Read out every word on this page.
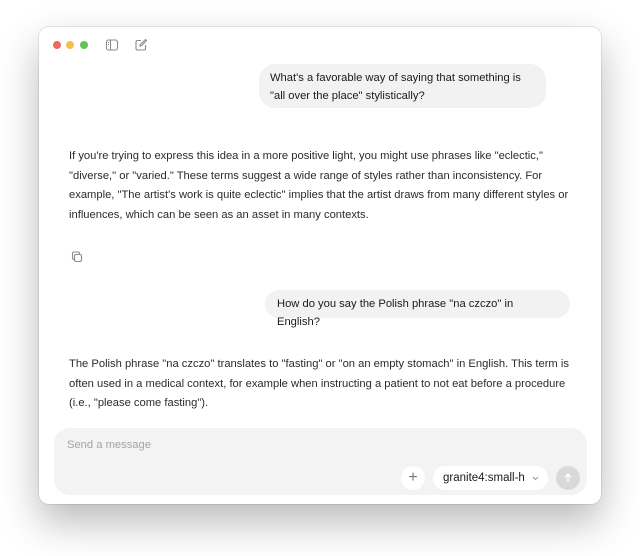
What's a favorable way of saying that something is "all over the place" stylistically?
If you're trying to express this idea in a more positive light, you might use phrases like "eclectic," "diverse," or "varied." These terms suggest a wide range of styles rather than inconsistency. For example, "The artist's work is quite eclectic" implies that the artist draws from many different styles or influences, which can be seen as an asset in many contexts.
How do you say the Polish phrase "na czczo" in English?
The Polish phrase "na czczo" translates to "fasting" or "on an empty stomach" in English. This term is often used in a medical context, for example when instructing a patient to not eat before a procedure (i.e., "please come fasting").
Send a message
+ granite4:small-h
